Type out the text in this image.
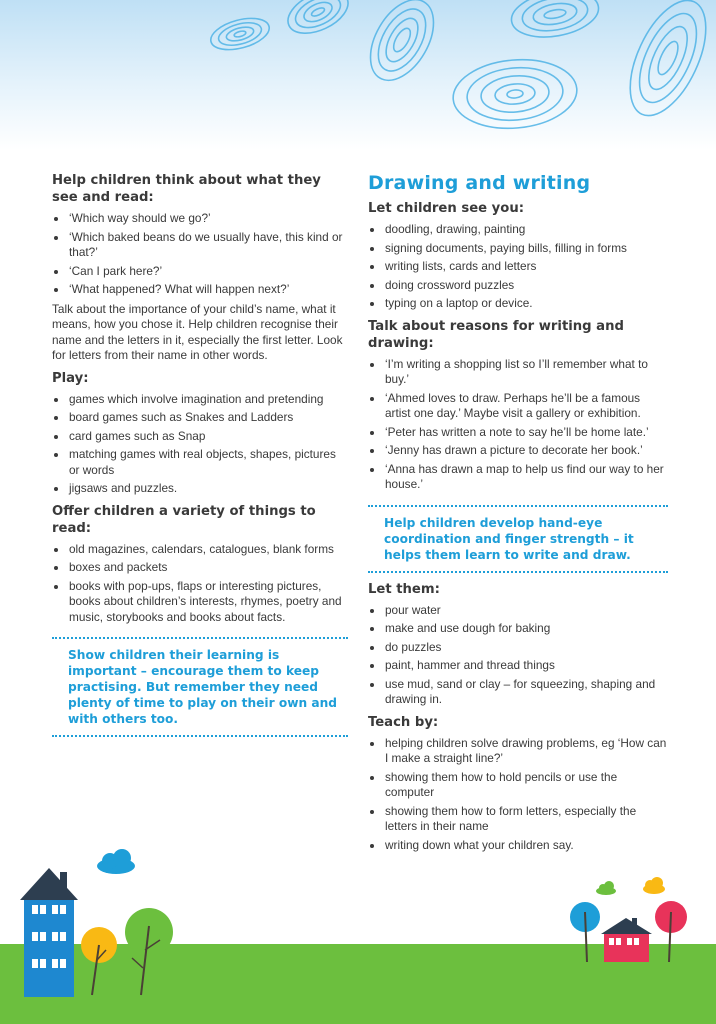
Help children think about what they see and read:
‘Which way should we go?’
‘Which baked beans do we usually have, this kind or that?’
‘Can I park here?’
‘What happened? What will happen next?’

Talk about the importance of your child’s name, what it means, how you chose it. Help children recognise their name and the letters in it, especially the first letter. Look for letters from their name in other words.

Play:
games which involve imagination and pretending
board games such as Snakes and Ladders
card games such as Snap
matching games with real objects, shapes, pictures or words
jigsaws and puzzles.
Offer children a variety of things to read:
old magazines, calendars, catalogues, blank forms
boxes and packets
books with pop-ups, flaps or interesting pictures, books about children’s interests, rhymes, poetry and music, storybooks and books about facts.
Show children their learning is important – encourage them to keep practising. But remember they need plenty of time to play on their own and with others too.
Drawing and writing
Let children see you:
doodling, drawing, painting
signing documents, paying bills, filling in forms
writing lists, cards and letters
doing crossword puzzles
typing on a laptop or device.
Talk about reasons for writing and drawing:
‘I’m writing a shopping list so I’ll remember what to buy.’
‘Ahmed loves to draw. Perhaps he’ll be a famous artist one day.’ Maybe visit a gallery or exhibition.
‘Peter has written a note to say he’ll be home late.’
‘Jenny has drawn a picture to decorate her book.’
‘Anna has drawn a map to help us find our way to her house.’
Help children develop hand-eye coordination and finger strength – it helps them learn to write and draw.
Let them:
pour water
make and use dough for baking
do puzzles
paint, hammer and thread things
use mud, sand or clay – for squeezing, shaping and drawing in.
Teach by:
helping children solve drawing problems, eg ‘How can I make a straight line?’
showing them how to hold pencils or use the computer
showing them how to form letters, especially the letters in their name
writing down what your children say.
